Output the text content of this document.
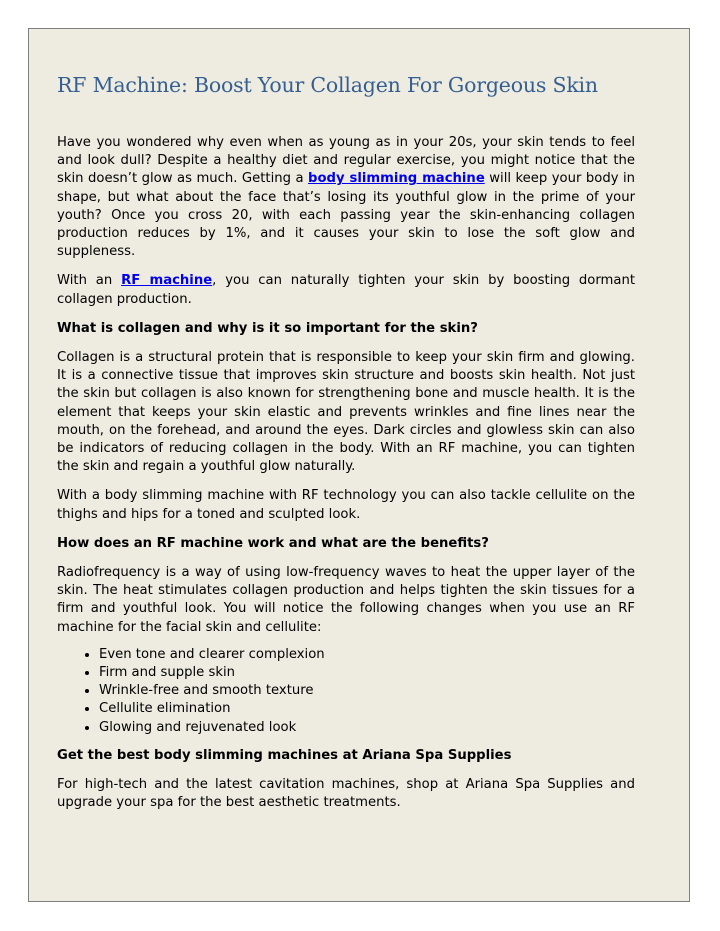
RF Machine: Boost Your Collagen For Gorgeous Skin

Have you wondered why even when as young as in your 20s, your skin tends to feel and look dull? Despite a healthy diet and regular exercise, you might notice that the skin doesn’t glow as much. Getting a body slimming machine will keep your body in shape, but what about the face that’s losing its youthful glow in the prime of your youth? Once you cross 20, with each passing year the skin-enhancing collagen production reduces by 1%, and it causes your skin to lose the soft glow and suppleness.

With an RF machine, you can naturally tighten your skin by boosting dormant collagen production.

What is collagen and why is it so important for the skin?

Collagen is a structural protein that is responsible to keep your skin firm and glowing. It is a connective tissue that improves skin structure and boosts skin health. Not just the skin but collagen is also known for strengthening bone and muscle health. It is the element that keeps your skin elastic and prevents wrinkles and fine lines near the mouth, on the forehead, and around the eyes. Dark circles and glowless skin can also be indicators of reducing collagen in the body. With an RF machine, you can tighten the skin and regain a youthful glow naturally.

With a body slimming machine with RF technology you can also tackle cellulite on the thighs and hips for a toned and sculpted look.

How does an RF machine work and what are the benefits?

Radiofrequency is a way of using low-frequency waves to heat the upper layer of the skin. The heat stimulates collagen production and helps tighten the skin tissues for a firm and youthful look. You will notice the following changes when you use an RF machine for the facial skin and cellulite:

• Even tone and clearer complexion
• Firm and supple skin
• Wrinkle-free and smooth texture
• Cellulite elimination
• Glowing and rejuvenated look

Get the best body slimming machines at Ariana Spa Supplies

For high-tech and the latest cavitation machines, shop at Ariana Spa Supplies and upgrade your spa for the best aesthetic treatments.
